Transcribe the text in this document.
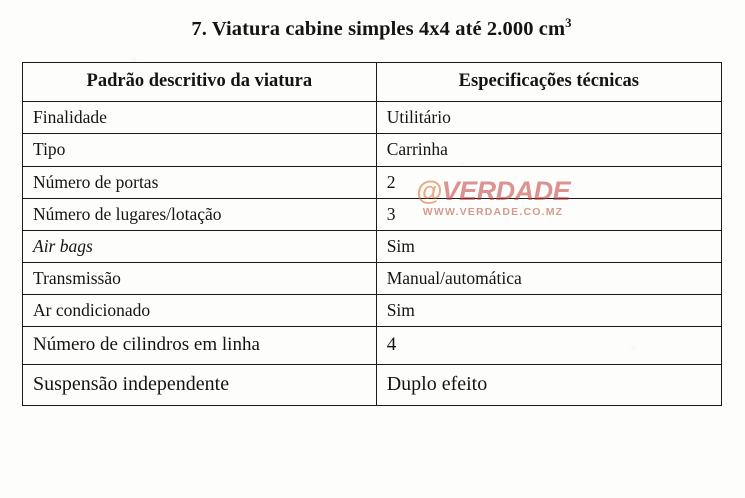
7. Viatura cabine simples 4x4 até 2.000 $cm^3$
Padrão descritivo da viatura	Especificações técnicas
Finalidade	Utilitário
Tipo	Carrinha
Número de portas	2
Número de lugares/lotação	3
Air bags	Sim
Transmissão	Manual/automática
Ar condicionado	Sim
Número de cilindros em linha	4
Suspensão independente	Duplo efeito
@VERDADE
WWW.VERDADE.CO.MZ
